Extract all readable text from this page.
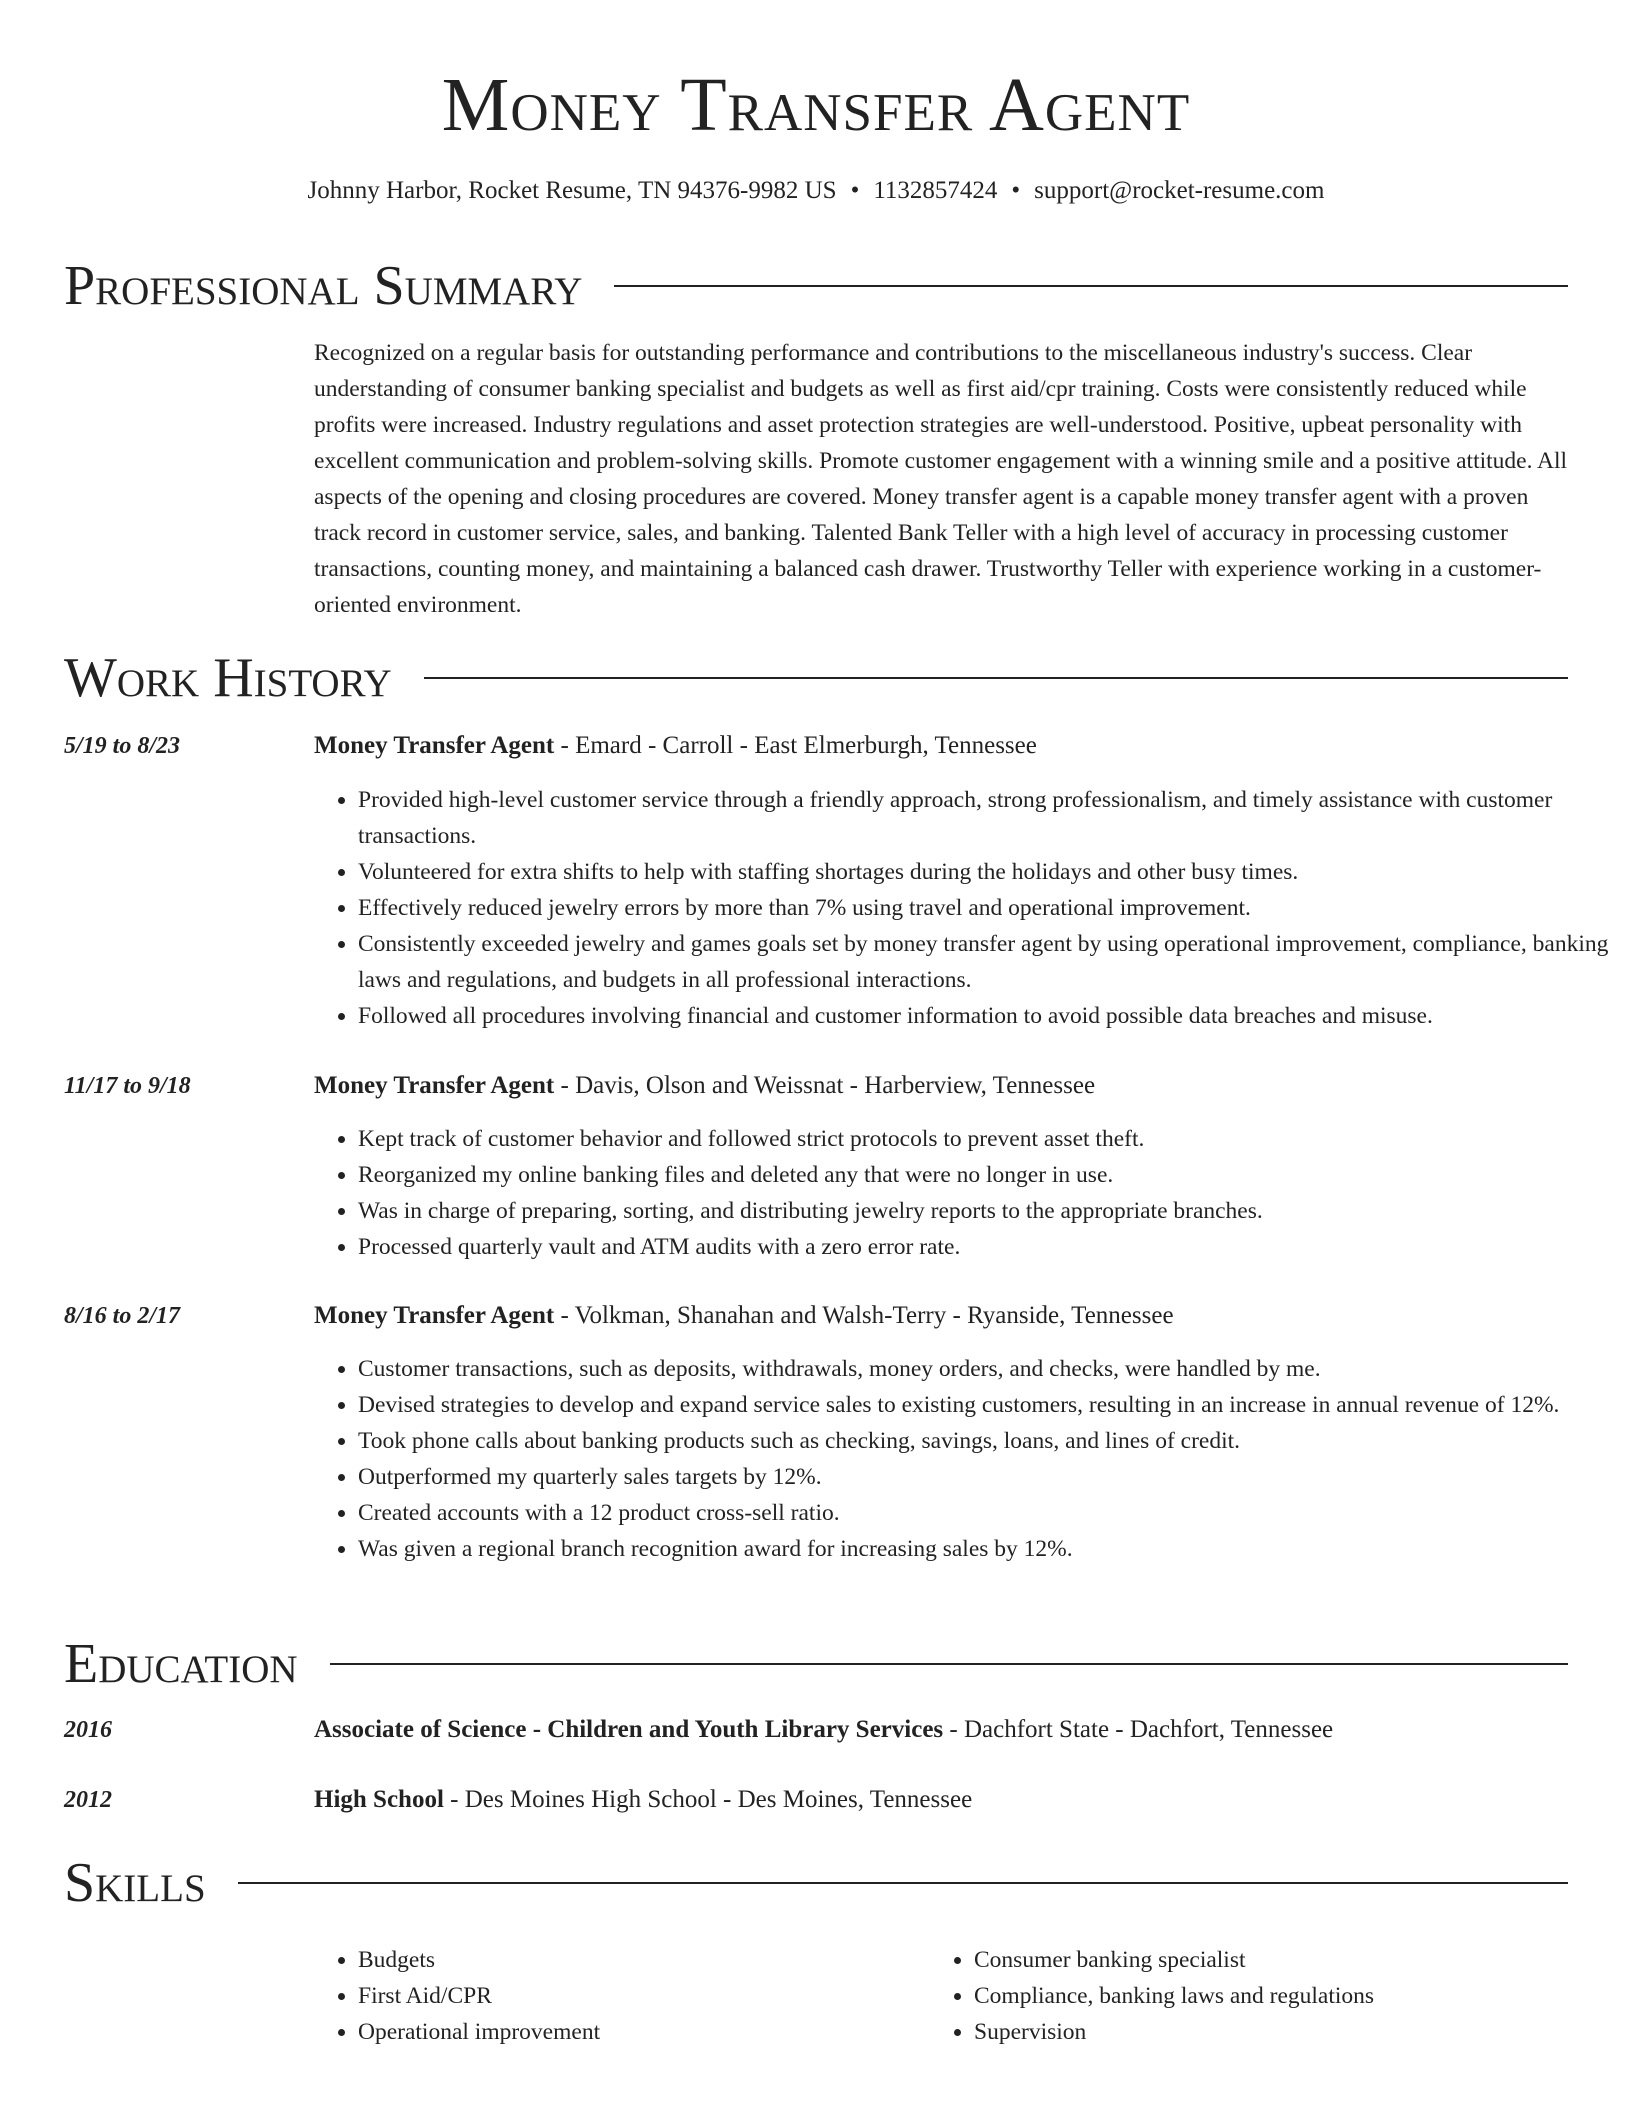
Money Transfer Agent
Johnny Harbor, Rocket Resume, TN 94376-9982 US • 1132857424 • support@rocket-resume.com
Professional Summary

Recognized on a regular basis for outstanding performance and contributions to the miscellaneous industry's success. Clear understanding of consumer banking specialist and budgets as well as first aid/cpr training. Costs were consistently reduced while profits were increased. Industry regulations and asset protection strategies are well-understood. Positive, upbeat personality with excellent communication and problem-solving skills. Promote customer engagement with a winning smile and a positive attitude. All aspects of the opening and closing procedures are covered. Money transfer agent is a capable money transfer agent with a proven track record in customer service, sales, and banking. Talented Bank Teller with a high level of accuracy in processing customer transactions, counting money, and maintaining a balanced cash drawer. Trustworthy Teller with experience working in a customer-oriented environment.

Work History
5/19 to 8/23	Money Transfer Agent - Emard - Carroll - East Elmerburgh, Tennessee
• Provided high-level customer service through a friendly approach, strong professionalism, and timely assistance with customer transactions.
• Volunteered for extra shifts to help with staffing shortages during the holidays and other busy times.
• Effectively reduced jewelry errors by more than 7% using travel and operational improvement.
• Consistently exceeded jewelry and games goals set by money transfer agent by using operational improvement, compliance, banking laws and regulations, and budgets in all professional interactions.
• Followed all procedures involving financial and customer information to avoid possible data breaches and misuse.
11/17 to 9/18	Money Transfer Agent - Davis, Olson and Weissnat - Harberview, Tennessee
• Kept track of customer behavior and followed strict protocols to prevent asset theft.
• Reorganized my online banking files and deleted any that were no longer in use.
• Was in charge of preparing, sorting, and distributing jewelry reports to the appropriate branches.
• Processed quarterly vault and ATM audits with a zero error rate.
8/16 to 2/17	Money Transfer Agent - Volkman, Shanahan and Walsh-Terry - Ryanside, Tennessee
• Customer transactions, such as deposits, withdrawals, money orders, and checks, were handled by me.
• Devised strategies to develop and expand service sales to existing customers, resulting in an increase in annual revenue of 12%.
• Took phone calls about banking products such as checking, savings, loans, and lines of credit.
• Outperformed my quarterly sales targets by 12%.
• Created accounts with a 12 product cross-sell ratio.
• Was given a regional branch recognition award for increasing sales by 12%.
Education
2016	Associate of Science - Children and Youth Library Services - Dachfort State - Dachfort, Tennessee
2012	High School - Des Moines High School - Des Moines, Tennessee
Skills
• Budgets
• First Aid/CPR
• Operational improvement
• Consumer banking specialist
• Compliance, banking laws and regulations
• Supervision
